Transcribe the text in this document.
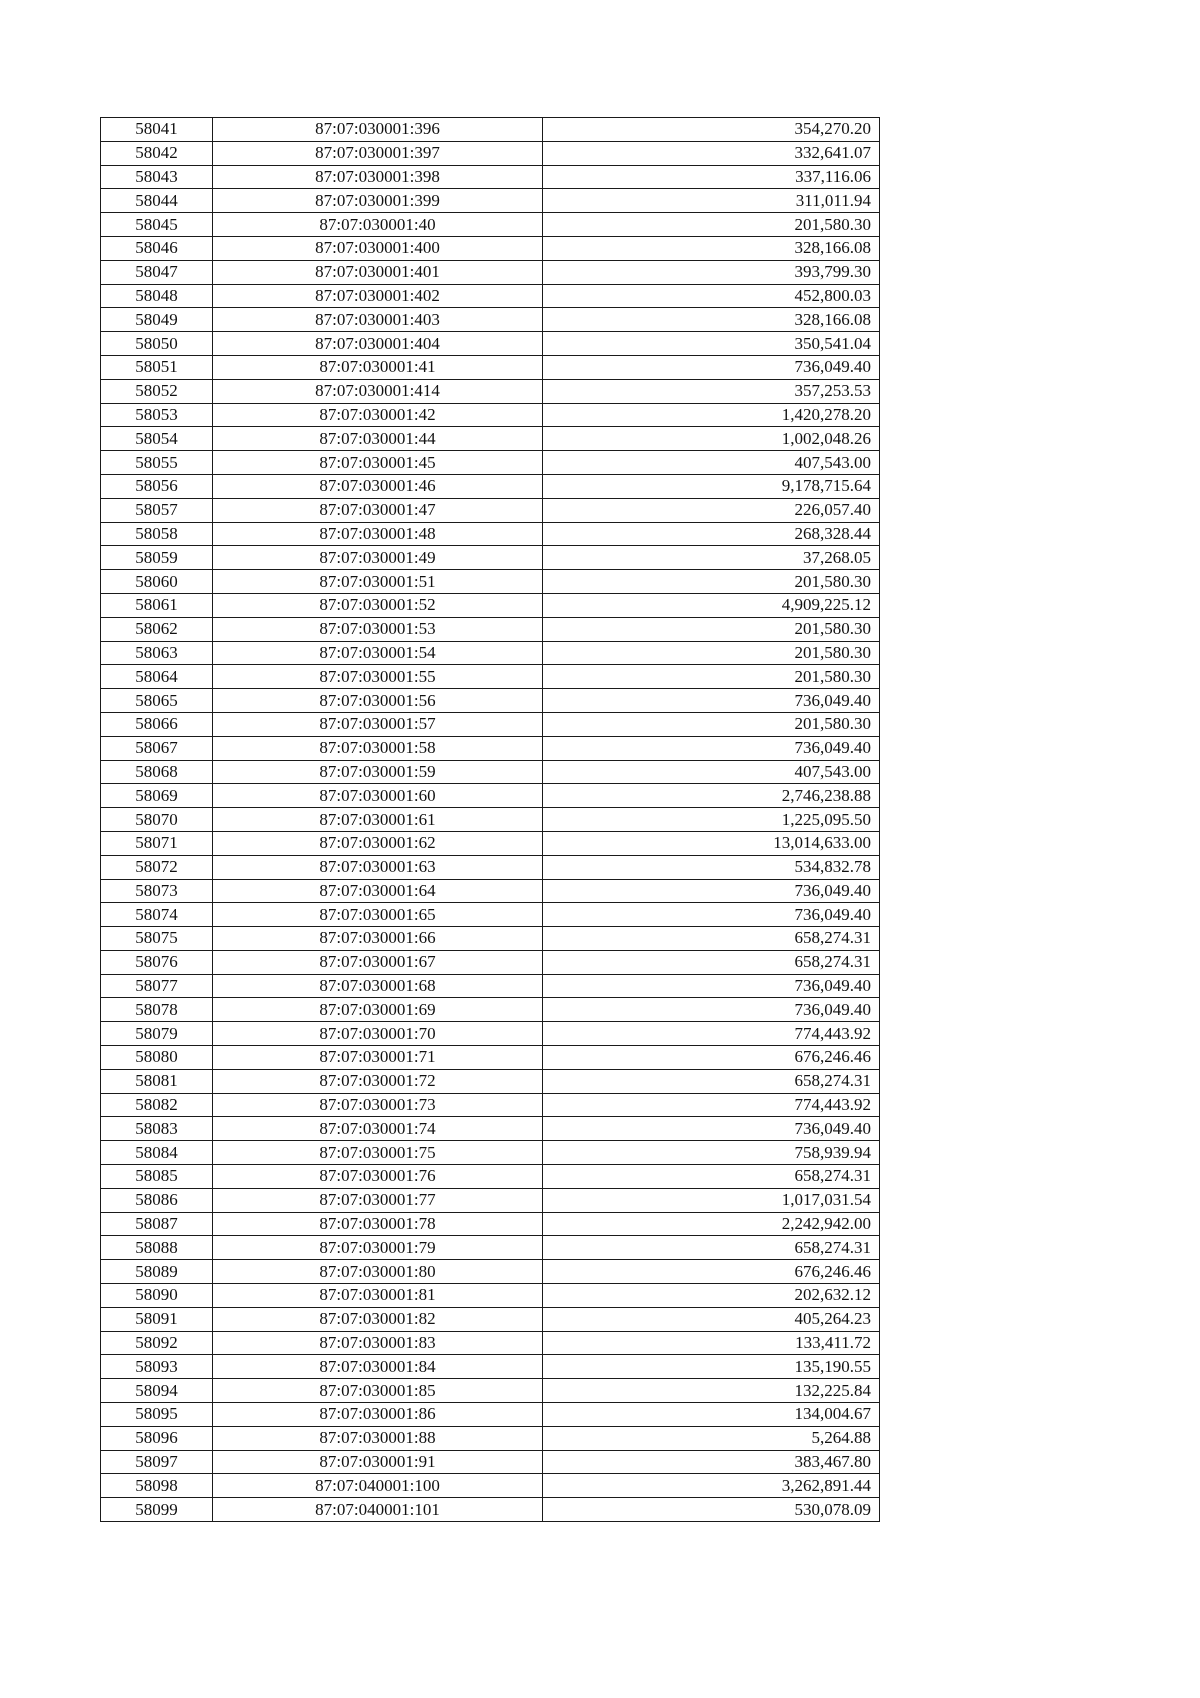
58041	87:07:030001:396	354,270.20
58042	87:07:030001:397	332,641.07
58043	87:07:030001:398	337,116.06
58044	87:07:030001:399	311,011.94
58045	87:07:030001:40	201,580.30
58046	87:07:030001:400	328,166.08
58047	87:07:030001:401	393,799.30
58048	87:07:030001:402	452,800.03
58049	87:07:030001:403	328,166.08
58050	87:07:030001:404	350,541.04
58051	87:07:030001:41	736,049.40
58052	87:07:030001:414	357,253.53
58053	87:07:030001:42	1,420,278.20
58054	87:07:030001:44	1,002,048.26
58055	87:07:030001:45	407,543.00
58056	87:07:030001:46	9,178,715.64
58057	87:07:030001:47	226,057.40
58058	87:07:030001:48	268,328.44
58059	87:07:030001:49	37,268.05
58060	87:07:030001:51	201,580.30
58061	87:07:030001:52	4,909,225.12
58062	87:07:030001:53	201,580.30
58063	87:07:030001:54	201,580.30
58064	87:07:030001:55	201,580.30
58065	87:07:030001:56	736,049.40
58066	87:07:030001:57	201,580.30
58067	87:07:030001:58	736,049.40
58068	87:07:030001:59	407,543.00
58069	87:07:030001:60	2,746,238.88
58070	87:07:030001:61	1,225,095.50
58071	87:07:030001:62	13,014,633.00
58072	87:07:030001:63	534,832.78
58073	87:07:030001:64	736,049.40
58074	87:07:030001:65	736,049.40
58075	87:07:030001:66	658,274.31
58076	87:07:030001:67	658,274.31
58077	87:07:030001:68	736,049.40
58078	87:07:030001:69	736,049.40
58079	87:07:030001:70	774,443.92
58080	87:07:030001:71	676,246.46
58081	87:07:030001:72	658,274.31
58082	87:07:030001:73	774,443.92
58083	87:07:030001:74	736,049.40
58084	87:07:030001:75	758,939.94
58085	87:07:030001:76	658,274.31
58086	87:07:030001:77	1,017,031.54
58087	87:07:030001:78	2,242,942.00
58088	87:07:030001:79	658,274.31
58089	87:07:030001:80	676,246.46
58090	87:07:030001:81	202,632.12
58091	87:07:030001:82	405,264.23
58092	87:07:030001:83	133,411.72
58093	87:07:030001:84	135,190.55
58094	87:07:030001:85	132,225.84
58095	87:07:030001:86	134,004.67
58096	87:07:030001:88	5,264.88
58097	87:07:030001:91	383,467.80
58098	87:07:040001:100	3,262,891.44
58099	87:07:040001:101	530,078.09
